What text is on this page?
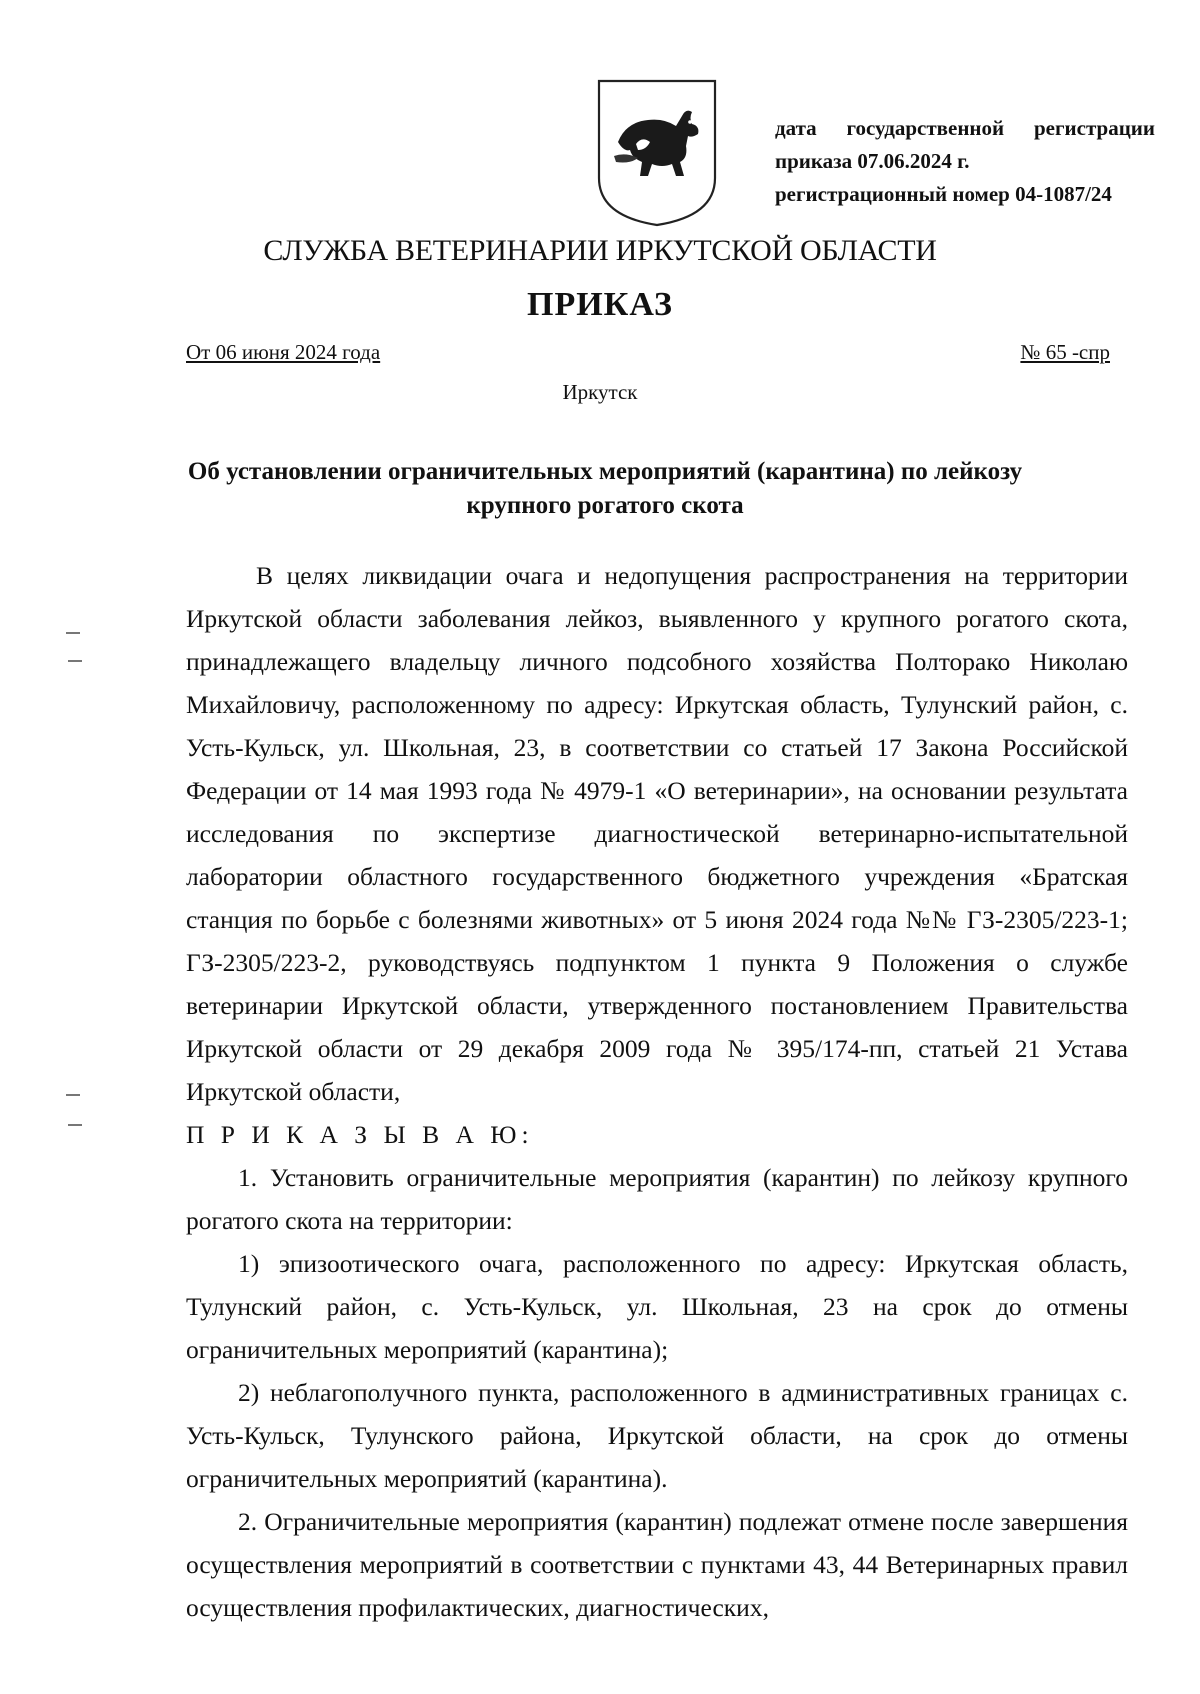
дата государственной регистрации
приказа 07.06.2024 г.
регистрационный номер 04-1087/24
СЛУЖБА ВЕТЕРИНАРИИ ИРКУТСКОЙ ОБЛАСТИ
ПРИКАЗ
От 06 июня 2024 года	№ 65 -спр
Иркутск
Об установлении ограничительных мероприятий (карантина) по лейкозу крупного рогатого скота

В целях ликвидации очага и недопущения распространения на территории Иркутской области заболевания лейкоз, выявленного у крупного рогатого скота, принадлежащего владельцу личного подсобного хозяйства Полторако Николаю Михайловичу, расположенному по адресу: Иркутская область, Тулунский район, с. Усть-Кульск, ул. Школьная, 23, в соответствии со статьей 17 Закона Российской Федерации от 14 мая 1993 года № 4979-1 «О ветеринарии», на основании результата исследования по экспертизе диагностической ветеринарно-испытательной лаборатории областного государственного бюджетного учреждения «Братская станция по борьбе с болезнями животных» от 5 июня 2024 года №№ ГЗ-2305/223-1; ГЗ-2305/223-2, руководствуясь подпунктом 1 пункта 9 Положения о службе ветеринарии Иркутской области, утвержденного постановлением Правительства Иркутской области от 29 декабря 2009 года № 395/174-пп, статьей 21 Устава Иркутской области,

П Р И К А З Ы В А Ю:

1. Установить ограничительные мероприятия (карантин) по лейкозу крупного рогатого скота на территории:

1) эпизоотического очага, расположенного по адресу: Иркутская область, Тулунский район, с. Усть-Кульск, ул. Школьная, 23 на срок до отмены ограничительных мероприятий (карантина);

2) неблагополучного пункта, расположенного в административных границах с. Усть-Кульск, Тулунского района, Иркутской области, на срок до отмены ограничительных мероприятий (карантина).

2. Ограничительные мероприятия (карантин) подлежат отмене после завершения осуществления мероприятий в соответствии с пунктами 43, 44 Ветеринарных правил осуществления профилактических, диагностических,
